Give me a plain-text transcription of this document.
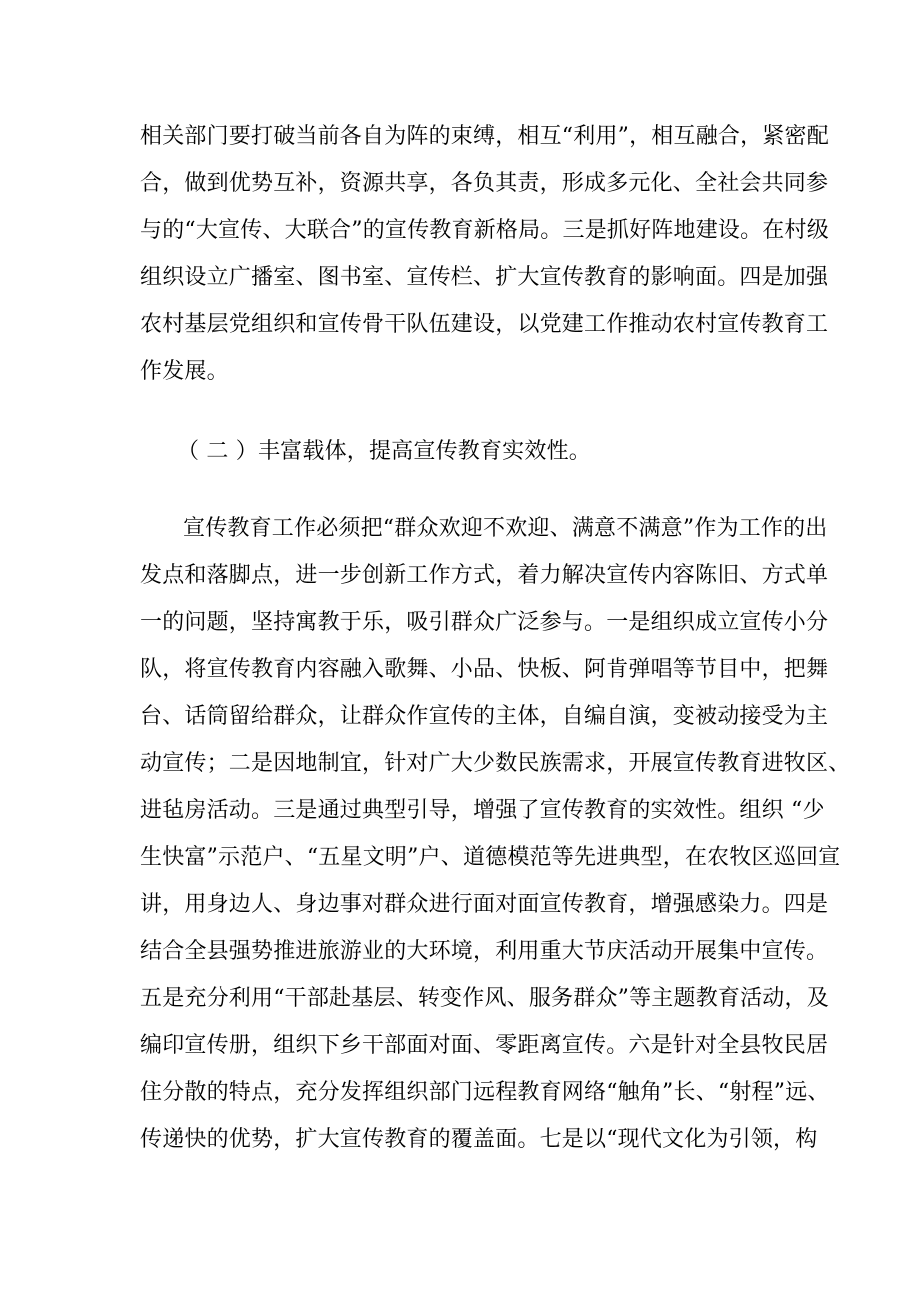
相关部门要打破当前各自为阵的束缚，相互“利用”，相互融合，紧密配
合，做到优势互补，资源共享，各负其责，形成多元化、全社会共同参
与的“大宣传、大联合”的宣传教育新格局。三是抓好阵地建设。在村级
组织设立广播室、图书室、宣传栏、扩大宣传教育的影响面。四是加强
农村基层党组织和宣传骨干队伍建设，以党建工作推动农村宣传教育工
作发展。
（ 二 ）丰富载体，提高宣传教育实效性。
宣传教育工作必须把“群众欢迎不欢迎、满意不满意”作为工作的出
发点和落脚点，进一步创新工作方式，着力解决宣传内容陈旧、方式单
一的问题，坚持寓教于乐，吸引群众广泛参与。一是组织成立宣传小分
队，将宣传教育内容融入歌舞、小品、快板、阿肯弹唱等节目中，把舞
台、话筒留给群众，让群众作宣传的主体，自编自演，变被动接受为主
动宣传；二是因地制宜，针对广大少数民族需求，开展宣传教育进牧区、
进毡房活动。三是通过典型引导，增强了宣传教育的实效性。组织 “少
生快富”示范户、“五星文明”户、道德模范等先进典型，在农牧区巡回宣
讲，用身边人、身边事对群众进行面对面宣传教育，增强感染力。四是
结合全县强势推进旅游业的大环境，利用重大节庆活动开展集中宣传。
五是充分利用“干部赴基层、转变作风、服务群众”等主题教育活动，及
编印宣传册，组织下乡干部面对面、零距离宣传。六是针对全县牧民居
住分散的特点，充分发挥组织部门远程教育网络“触角”长、“射程”远、
传递快的优势，扩大宣传教育的覆盖面。七是以“现代文化为引领，构
